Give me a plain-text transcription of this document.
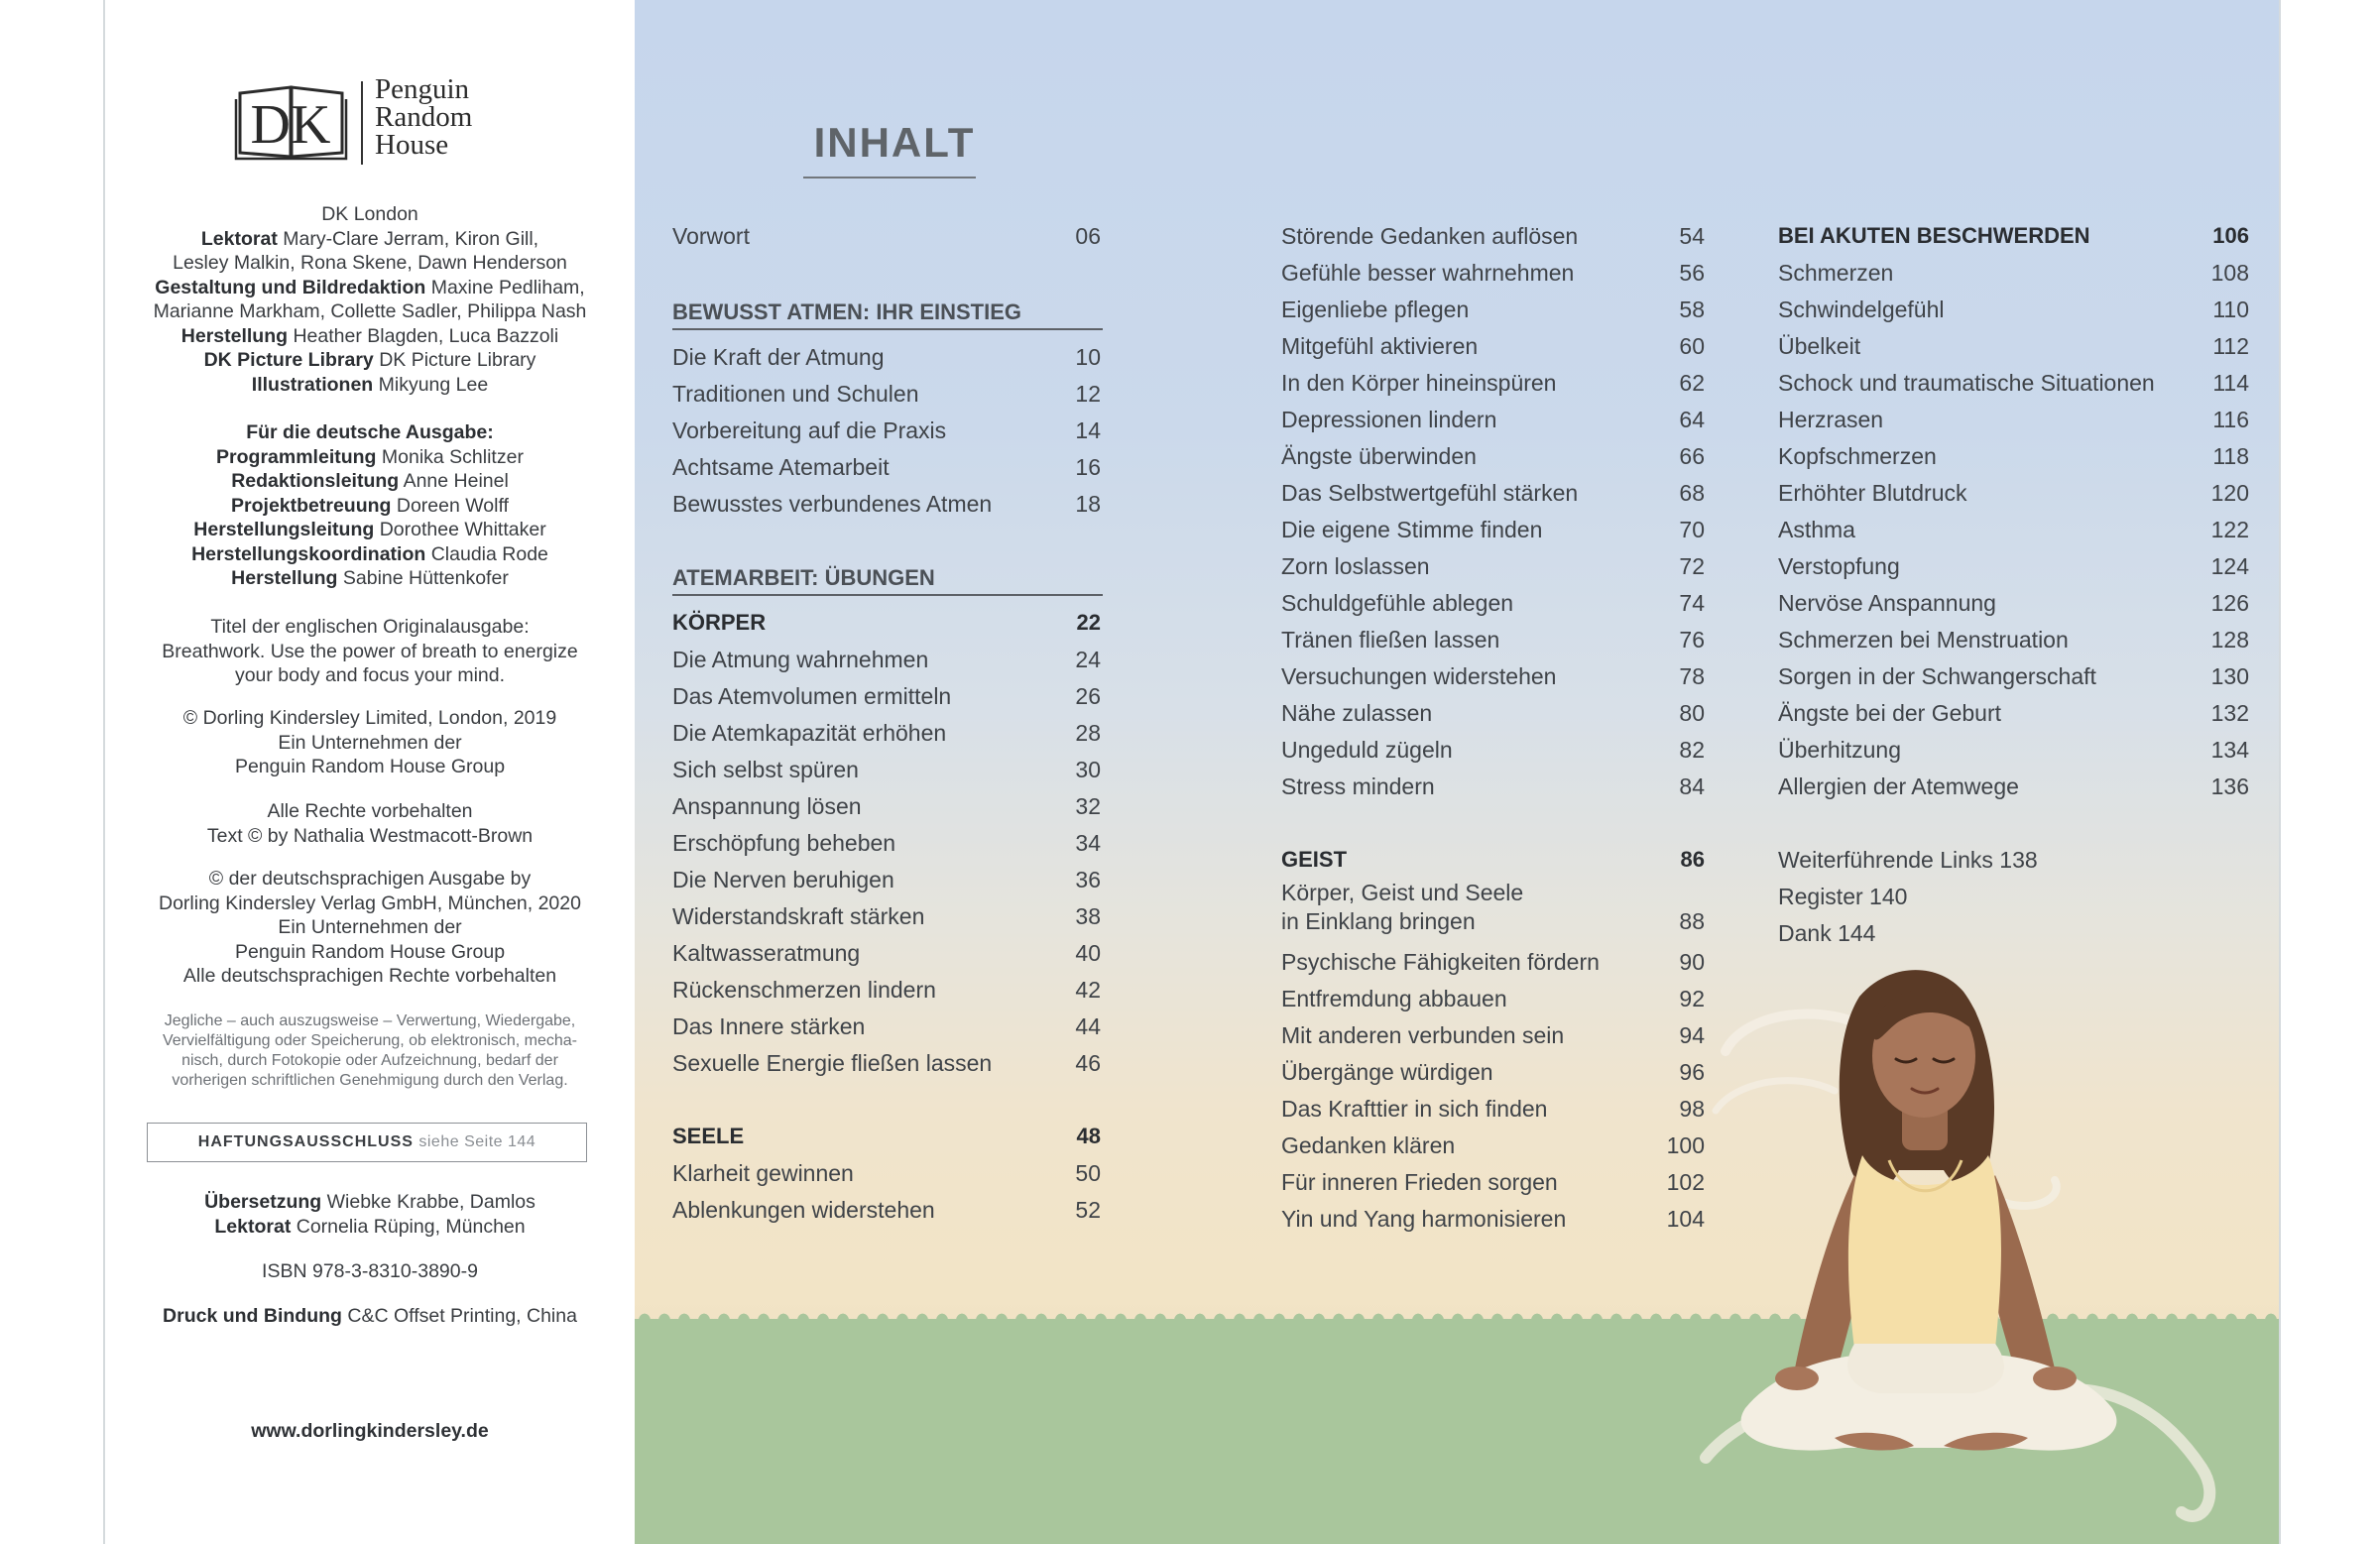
DK
Penguin
Random
House
DK London
Lektorat Mary-Clare Jerram, Kiron Gill,
Lesley Malkin, Rona Skene, Dawn Henderson
Gestaltung und Bildredaktion Maxine Pedliham,
Marianne Markham, Collette Sadler, Philippa Nash
Herstellung Heather Blagden, Luca Bazzoli
DK Picture Library DK Picture Library
Illustrationen Mikyung Lee
Für die deutsche Ausgabe:
Programmleitung Monika Schlitzer
Redaktionsleitung Anne Heinel
Projektbetreuung Doreen Wolff
Herstellungsleitung Dorothee Whittaker
Herstellungskoordination Claudia Rode
Herstellung Sabine Hüttenkofer
Titel der englischen Originalausgabe:
Breathwork. Use the power of breath to energize
your body and focus your mind.
© Dorling Kindersley Limited, London, 2019
Ein Unternehmen der
Penguin Random House Group
Alle Rechte vorbehalten
Text © by Nathalia Westmacott-Brown
© der deutschsprachigen Ausgabe by
Dorling Kindersley Verlag GmbH, München, 2020
Ein Unternehmen der
Penguin Random House Group
Alle deutschsprachigen Rechte vorbehalten
Jegliche – auch auszugsweise – Verwertung, Wiedergabe,
Vervielfältigung oder Speicherung, ob elektronisch, mecha-
nisch, durch Fotokopie oder Aufzeichnung, bedarf der
vorherigen schriftlichen Genehmigung durch den Verlag.
HAFTUNGSAUSSCHLUSS siehe Seite 144
Übersetzung Wiebke Krabbe, Damlos
Lektorat Cornelia Rüping, München
ISBN 978-3-8310-3890-9
Druck und Bindung C&C Offset Printing, China
www.dorlingkindersley.de
INHALT
Vorwort	06
BEWUSST ATMEN: IHR EINSTIEG
Die Kraft der Atmung	10
Traditionen und Schulen	12
Vorbereitung auf die Praxis	14
Achtsame Atemarbeit	16
Bewusstes verbundenes Atmen	18
ATEMARBEIT: ÜBUNGEN
KÖRPER	22
Die Atmung wahrnehmen	24
Das Atemvolumen ermitteln	26
Die Atemkapazität erhöhen	28
Sich selbst spüren	30
Anspannung lösen	32
Erschöpfung beheben	34
Die Nerven beruhigen	36
Widerstandskraft stärken	38
Kaltwasseratmung	40
Rückenschmerzen lindern	42
Das Innere stärken	44
Sexuelle Energie fließen lassen	46
SEELE	48
Klarheit gewinnen	50
Ablenkungen widerstehen	52
Störende Gedanken auflösen	54
Gefühle besser wahrnehmen	56
Eigenliebe pflegen	58
Mitgefühl aktivieren	60
In den Körper hineinspüren	62
Depressionen lindern	64
Ängste überwinden	66
Das Selbstwertgefühl stärken	68
Die eigene Stimme finden	70
Zorn loslassen	72
Schuldgefühle ablegen	74
Tränen fließen lassen	76
Versuchungen widerstehen	78
Nähe zulassen	80
Ungeduld zügeln	82
Stress mindern	84
GEIST	86
Körper, Geist und Seele
in Einklang bringen	88
Psychische Fähigkeiten fördern	90
Entfremdung abbauen	92
Mit anderen verbunden sein	94
Übergänge würdigen	96
Das Krafttier in sich finden	98
Gedanken klären	100
Für inneren Frieden sorgen	102
Yin und Yang harmonisieren	104
BEI AKUTEN BESCHWERDEN	106
Schmerzen	108
Schwindelgefühl	110
Übelkeit	112
Schock und traumatische Situationen	114
Herzrasen	116
Kopfschmerzen	118
Erhöhter Blutdruck	120
Asthma	122
Verstopfung	124
Nervöse Anspannung	126
Schmerzen bei Menstruation	128
Sorgen in der Schwangerschaft	130
Ängste bei der Geburt	132
Überhitzung	134
Allergien der Atemwege	136
Weiterführende Links 138
Register 140
Dank 144
